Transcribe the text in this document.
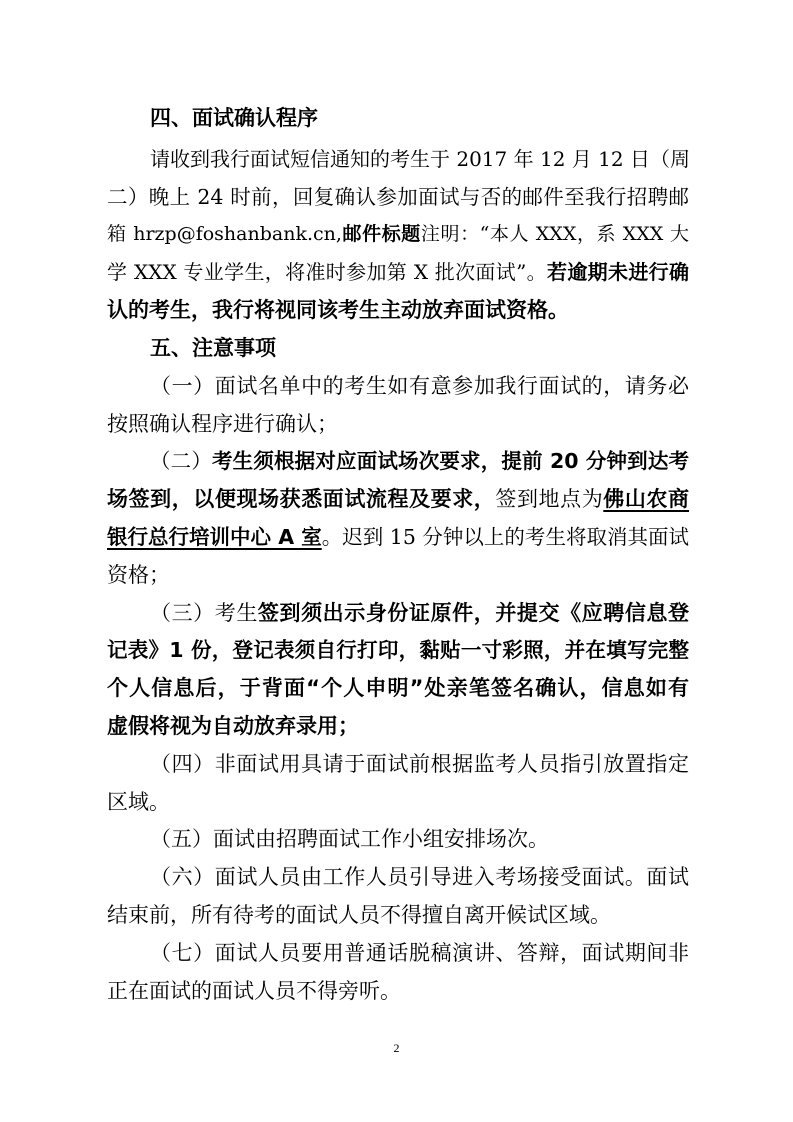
四、面试确认程序
请收到我行面试短信通知的考生于 2017 年 12 月 12 日（周
二）晚上 24 时前，回复确认参加面试与否的邮件至我行招聘邮
箱 hrzp@foshanbank.cn,邮件标题注明：“本人 XXX，系 XXX 大
学 XXX 专业学生，将准时参加第 X 批次面试”。若逾期未进行确
认的考生，我行将视同该考生主动放弃面试资格。
五、注意事项
（一）面试名单中的考生如有意参加我行面试的，请务必
按照确认程序进行确认；
（二）考生须根据对应面试场次要求，提前 20 分钟到达考
场签到，以便现场获悉面试流程及要求，签到地点为佛山农商
银行总行培训中心 A 室。迟到 15 分钟以上的考生将取消其面试
资格；
（三）考生签到须出示身份证原件，并提交《应聘信息登
记表》1 份，登记表须自行打印，黏贴一寸彩照，并在填写完整
个人信息后，于背面“个人申明”处亲笔签名确认，信息如有
虚假将视为自动放弃录用；
（四）非面试用具请于面试前根据监考人员指引放置指定
区域。
（五）面试由招聘面试工作小组安排场次。
（六）面试人员由工作人员引导进入考场接受面试。面试
结束前，所有待考的面试人员不得擅自离开候试区域。
（七）面试人员要用普通话脱稿演讲、答辩，面试期间非
正在面试的面试人员不得旁听。
2
